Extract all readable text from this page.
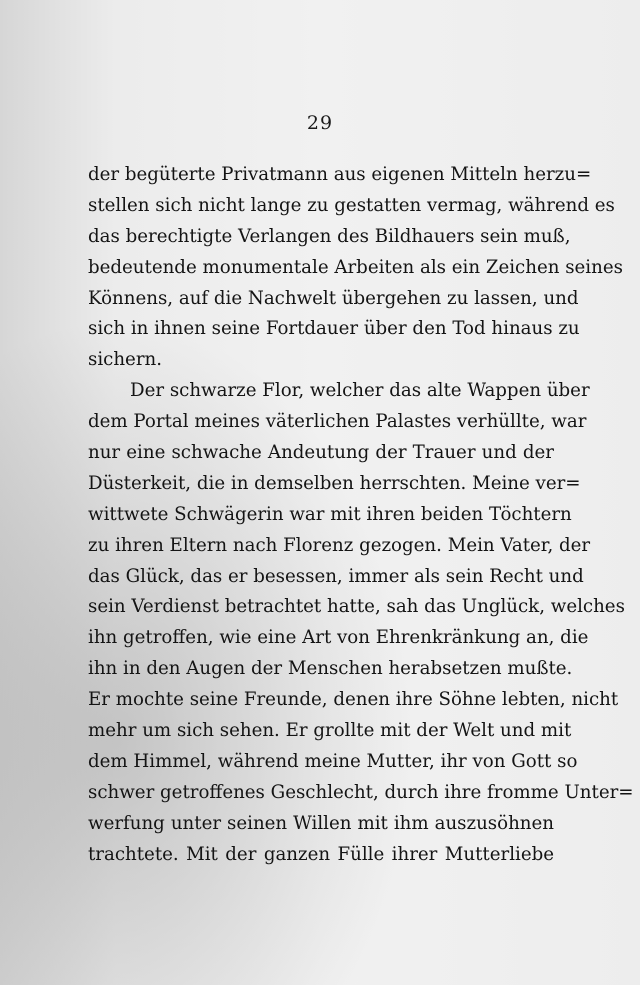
29
der begüterte Privatmann aus eigenen Mitteln herzu=
stellen sich nicht lange zu gestatten vermag, während es
das berechtigte Verlangen des Bildhauers sein muß,
bedeutende monumentale Arbeiten als ein Zeichen seines
Könnens, auf die Nachwelt übergehen zu lassen, und
sich in ihnen seine Fortdauer über den Tod hinaus zu
sichern.
Der schwarze Flor, welcher das alte Wappen über
dem Portal meines väterlichen Palastes verhüllte, war
nur eine schwache Andeutung der Trauer und der
Düsterkeit, die in demselben herrschten. Meine ver=
wittwete Schwägerin war mit ihren beiden Töchtern
zu ihren Eltern nach Florenz gezogen. Mein Vater, der
das Glück, das er besessen, immer als sein Recht und
sein Verdienst betrachtet hatte, sah das Unglück, welches
ihn getroffen, wie eine Art von Ehrenkränkung an, die
ihn in den Augen der Menschen herabsetzen mußte.
Er mochte seine Freunde, denen ihre Söhne lebten, nicht
mehr um sich sehen. Er grollte mit der Welt und mit
dem Himmel, während meine Mutter, ihr von Gott so
schwer getroffenes Geschlecht, durch ihre fromme Unter=
werfung unter seinen Willen mit ihm auszusöhnen
trachtete. Mit der ganzen Fülle ihrer Mutterliebe
